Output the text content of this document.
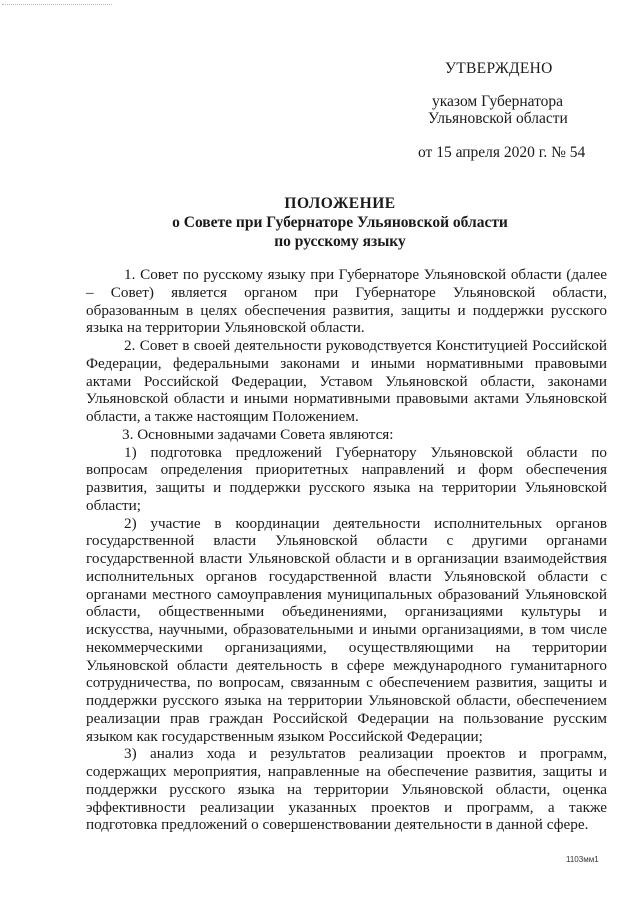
УТВЕРЖДЕНО
указом Губернатора
Ульяновской области
от 15 апреля 2020 г. № 54
ПОЛОЖЕНИЕ
о Совете при Губернаторе Ульяновской области
по русскому языку

1. Совет по русскому языку при Губернаторе Ульяновской области (далее – Совет) является органом при Губернаторе Ульяновской области, образованным в целях обеспечения развития, защиты и поддержки русского языка на территории Ульяновской области.

2. Совет в своей деятельности руководствуется Конституцией Российской Федерации, федеральными законами и иными нормативными правовыми актами Российской Федерации, Уставом Ульяновской области, законами Ульяновской области и иными нормативными правовыми актами Ульяновской области, а также настоящим Положением.

3. Основными задачами Совета являются:

1) подготовка предложений Губернатору Ульяновской области по вопросам определения приоритетных направлений и форм обеспечения развития, защиты и поддержки русского языка на территории Ульяновской области;

2) участие в координации деятельности исполнительных органов государственной власти Ульяновской области с другими органами государственной власти Ульяновской области и в организации взаимодействия исполнительных органов государственной власти Ульяновской области с органами местного самоуправления муниципальных образований Ульяновской области, общественными объединениями, организациями культуры и искусства, научными, образовательными и иными организациями, в том числе некоммерческими организациями, осуществляющими на территории Ульяновской области деятельность в сфере международного гуманитарного сотрудничества, по вопросам, связанным с обеспечением развития, защиты и поддержки русского языка на территории Ульяновской области, обеспечением реализации прав граждан Российской Федерации на пользование русским языком как государственным языком Российской Федерации;

3) анализ хода и результатов реализации проектов и программ, содержащих мероприятия, направленные на обеспечение развития, защиты и поддержки русского языка на территории Ульяновской области, оценка эффективности реализации указанных проектов и программ, а также подготовка предложений о совершенствовании деятельности в данной сфере.

1103мм1
